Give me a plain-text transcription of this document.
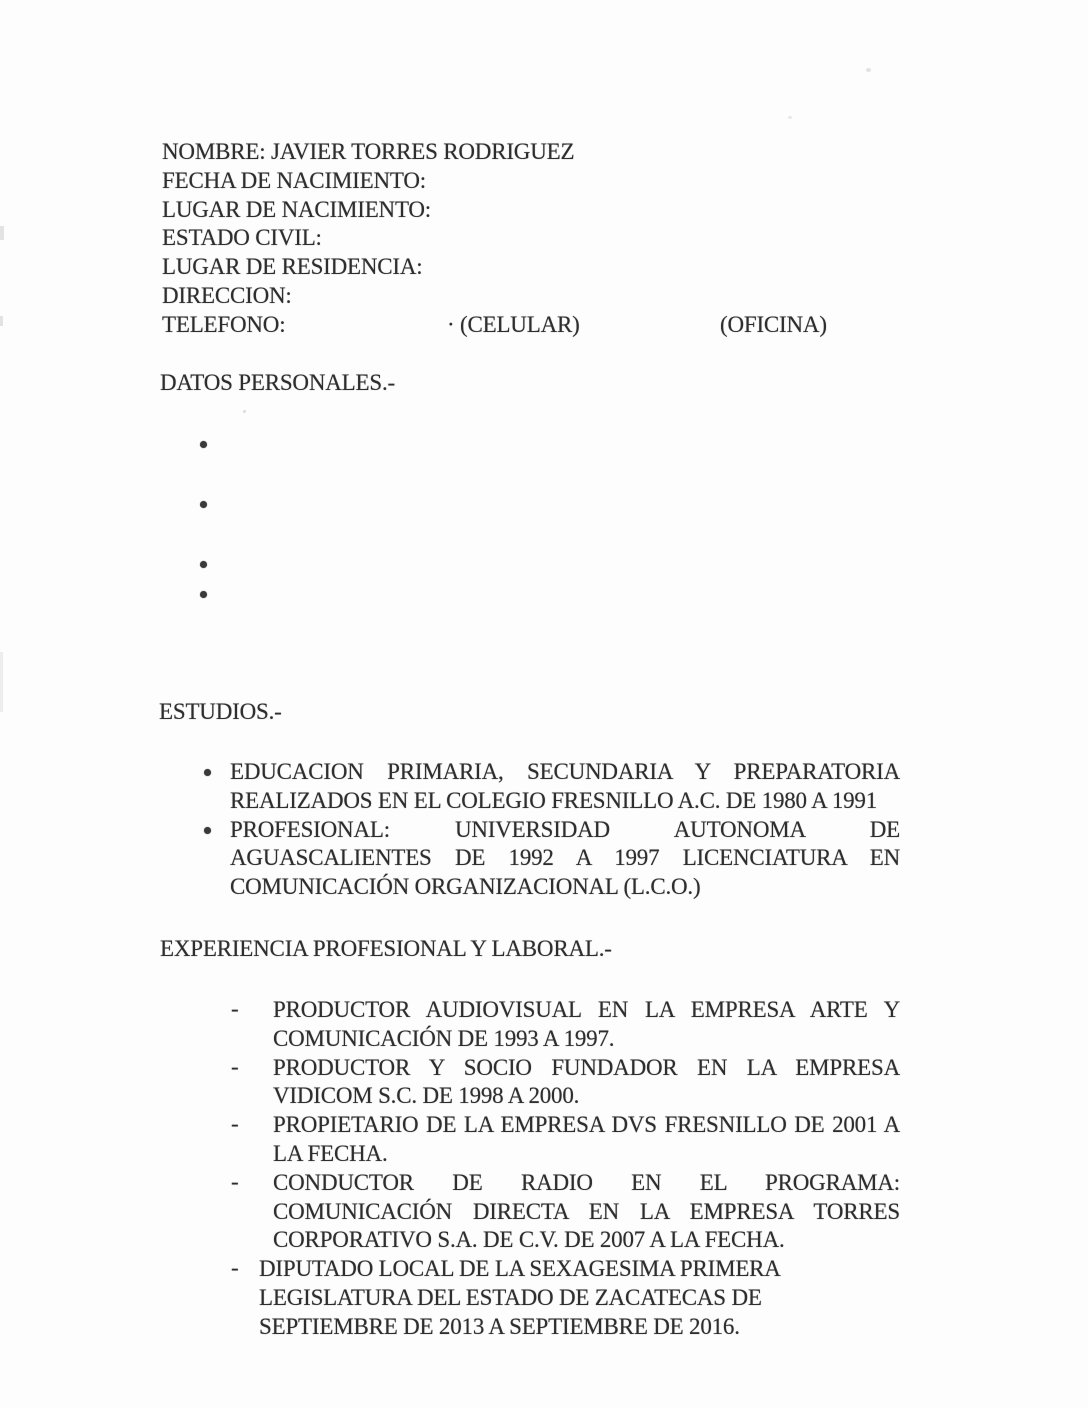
NOMBRE: JAVIER TORRES RODRIGUEZ
FECHA DE NACIMIENTO:
LUGAR DE NACIMIENTO:
ESTADO CIVIL:
LUGAR DE RESIDENCIA:
DIRECCION:
TELEFONO:	· (CELULAR)	(OFICINA)
DATOS PERSONALES.-
ESTUDIOS.-
EDUCACION PRIMARIA, SECUNDARIA Y PREPARATORIA
REALIZADOS EN EL COLEGIO FRESNILLO A.C. DE 1980 A 1991
PROFESIONAL: UNIVERSIDAD AUTONOMA DE
AGUASCALIENTES DE 1992 A 1997 LICENCIATURA EN
COMUNICACIÓN ORGANIZACIONAL (L.C.O.)
EXPERIENCIA PROFESIONAL Y LABORAL.-
- PRODUCTOR AUDIOVISUAL EN LA EMPRESA ARTE Y
COMUNICACIÓN DE 1993 A 1997.
- PRODUCTOR Y SOCIO FUNDADOR EN LA EMPRESA
VIDICOM S.C. DE 1998 A 2000.
- PROPIETARIO DE LA EMPRESA DVS FRESNILLO DE 2001 A
LA FECHA.
- CONDUCTOR DE RADIO EN EL PROGRAMA:
COMUNICACIÓN DIRECTA EN LA EMPRESA TORRES
CORPORATIVO S.A. DE C.V. DE 2007 A LA FECHA.
- DIPUTADO LOCAL DE LA SEXAGESIMA PRIMERA
LEGISLATURA DEL ESTADO DE ZACATECAS DE
SEPTIEMBRE DE 2013 A SEPTIEMBRE DE 2016.
